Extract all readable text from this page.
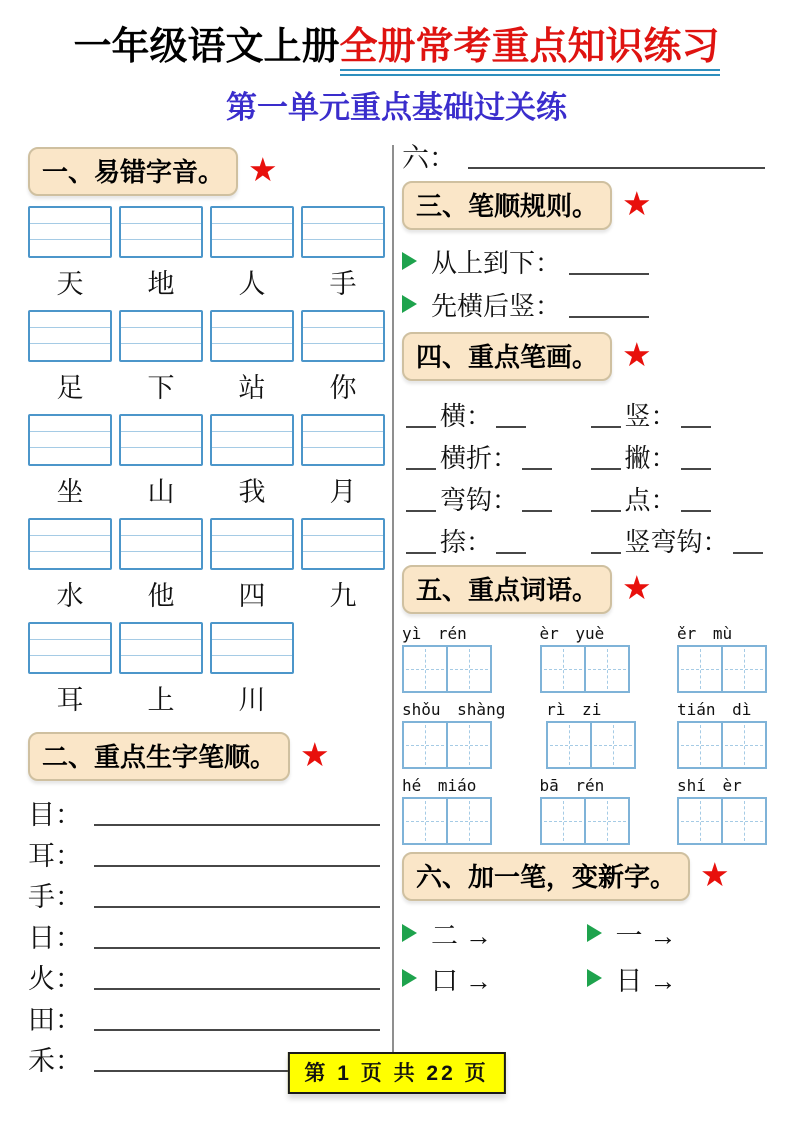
一年级语文上册全册常考重点知识练习
第一单元重点基础过关练
一、易错字音。 ★
天	地	人	手
足	下	站	你
坐	山	我	月
水	他	四	九
耳	上	川
二、重点生字笔顺。 ★
目：
耳：
手：
日：
火：
田：
禾：
六：
三、笔顺规则。 ★
从上到下：
先横后竖：
四、重点笔画。 ★
横：	竖：
横折：	撇：
弯钩：	点：
捺：	竖弯钩：
五、重点词语。 ★
yì rén	èr yuè	ěr mù
shǒu shàng	rì zi	tián dì
hé miáo	bā rén	shí èr
六、加一笔，变新字。 ★
二→	一→
口→	日→
第 1 页 共 22 页
